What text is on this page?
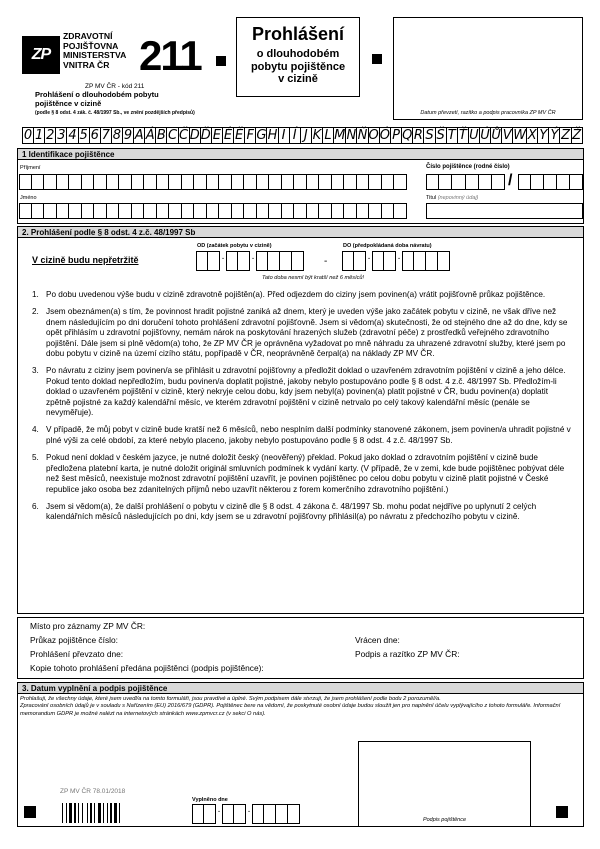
ZP
ZDRAVOTNÍ
POJIŠŤOVNA
MINISTERSTVA
VNITRA ČR 211	Prohlášení
o dlouhodobém
pobytu pojištěnce
v cizině
Datum převzetí, razítko a podpis pracovníka ZP MV ČR
ZP MV ČR - kód 211
Prohlášení o dlouhodobém pobytu
pojištěnce v cizině
(podle § 8 odst. 4 zák. č. 48/1997 Sb., ve znění pozdějších předpisů)
0 1 2 3 4 5 6 7 8 9 A Á B C Č D Ď E É Ě F G H I Í J K L M N Ň O Ó P Q R S Š T Ť U Ú Ů V W X Y Ý Z Ž
1 Identifikace pojištěnce
Příjmení	Číslo pojištěnce (rodné číslo)
/
Jméno	Titul (nepovinný údaj)
2. Prohlášení podle § 8 odst. 4 z.č. 48/1997 Sb
V cizině budu nepřetržitě
OD (začátek pobytu v cizině)
.	.	-
DO (předpokládaná doba návratu)
.	.
Tato doba nesmí být kratší než 6 měsíců!
1. Po dobu uvedenou výše budu v cizině zdravotně pojištěn(a). Před odjezdem do ciziny jsem povinen(a) vrátit pojišťovně průkaz pojištěnce.
2. Jsem obeznámen(a) s tím, že povinnost hradit pojistné zaniká až dnem, který je uveden výše jako začátek pobytu v cizině, ne však dříve než dnem následujícím po dni doručení tohoto prohlášení zdravotní pojišťovně. Jsem si vědom(a) skutečnosti, že od stejného dne až do dne, kdy se opět přihlásím u zdravotní pojišťovny, nemám nárok na poskytování hrazených služeb (zdravotní péče) z prostředků veřejného zdravotního pojištění. Dále jsem si plně vědom(a) toho, že ZP MV ČR je oprávněna vyžadovat po mně náhradu za uhrazené zdravotní služby, které jsem po dobu pobytu v cizině na území cizího státu, popřípadě v ČR, neoprávněně čerpal(a) na náklady ZP MV ČR.
3. Po návratu z ciziny jsem povinen/a se přihlásit u zdravotní pojišťovny a předložit doklad o uzavřeném zdravotním pojištění v cizině a jeho délce. Pokud tento doklad nepředložím, budu povinen/a doplatit pojistné, jakoby nebylo postupováno podle § 8 odst. 4 z.č. 48/1997 Sb. Předložím-li doklad o uzavřeném pojištění v cizině, který nekryje celou dobu, kdy jsem nebyl(a) povinen(a) platit pojistné v ČR, budu povinen(a) doplatit zpětně pojistné za každý kalendářní měsíc, ve kterém zdravotní pojištění v cizině netrvalo po celý takový kalendářní měsíc (penále se nevyměřuje).
4. V případě, že můj pobyt v cizině bude kratší než 6 měsíců, nebo nesplním další podmínky stanovené zákonem, jsem povinen/a uhradit pojistné v plné výši za celé období, za které nebylo placeno, jakoby nebylo postupováno podle § 8 odst. 4 z.č. 48/1997 Sb.
5. Pokud není doklad v českém jazyce, je nutné doložit český (neověřený) překlad. Pokud jako doklad o zdravotním pojištění v cizině bude předložena platební karta, je nutné doložit originál smluvních podmínek k vydání karty. (V případě, že v zemi, kde bude pojištěnec pobývat déle než šest měsíců, neexistuje možnost zdravotní pojištění uzavřít, je povinen pojištěnec po celou dobu pobytu v cizině platit pojistné v České republice jako osoba bez zdanitelných příjmů nebo uzavřít některou z forem komerčního zdravotního pojištění.)
6. Jsem si vědom(a), že další prohlášení o pobytu v cizině dle § 8 odst. 4 zákona č. 48/1997 Sb. mohu podat nejdříve po uplynutí 2 celých kalendářních měsíců následujících po dni, kdy jsem se u zdravotní pojišťovny přihlásil(a) po návratu z předchozího pobytu v cizině.
Místo pro záznamy ZP MV ČR:
Průkaz pojištěnce číslo:	Vrácen dne:
Prohlášení převzato dne:	Podpis a razítko ZP MV ČR:
Kopie tohoto prohlášení předána pojištěnci (podpis pojištěnce):
3. Datum vyplnění a podpis pojištěnce
Prohlašuji, že všechny údaje, které jsem uvedl/a na tomto formuláři, jsou pravdivé a úplné. Svým podpisem dále stvrzuji, že jsem prohlášení podle bodu 2 porozuměl/a.
Zpracování osobních údajů je v souladu s Nařízením (EU) 2016/679 (GDPR). Pojištěnec bere na vědomí, že poskytnuté osobní údaje budou sloužit jen pro naplnění účelu vyplývajícího z tohoto formuláře. Informační memorandum GDPR je možné nalézt na internetových stránkách www.zpmvcr.cz (v sekci O nás).
ZP MV ČR 78.01/2018
Vyplněno dne
.	.
Podpis pojištěnce
